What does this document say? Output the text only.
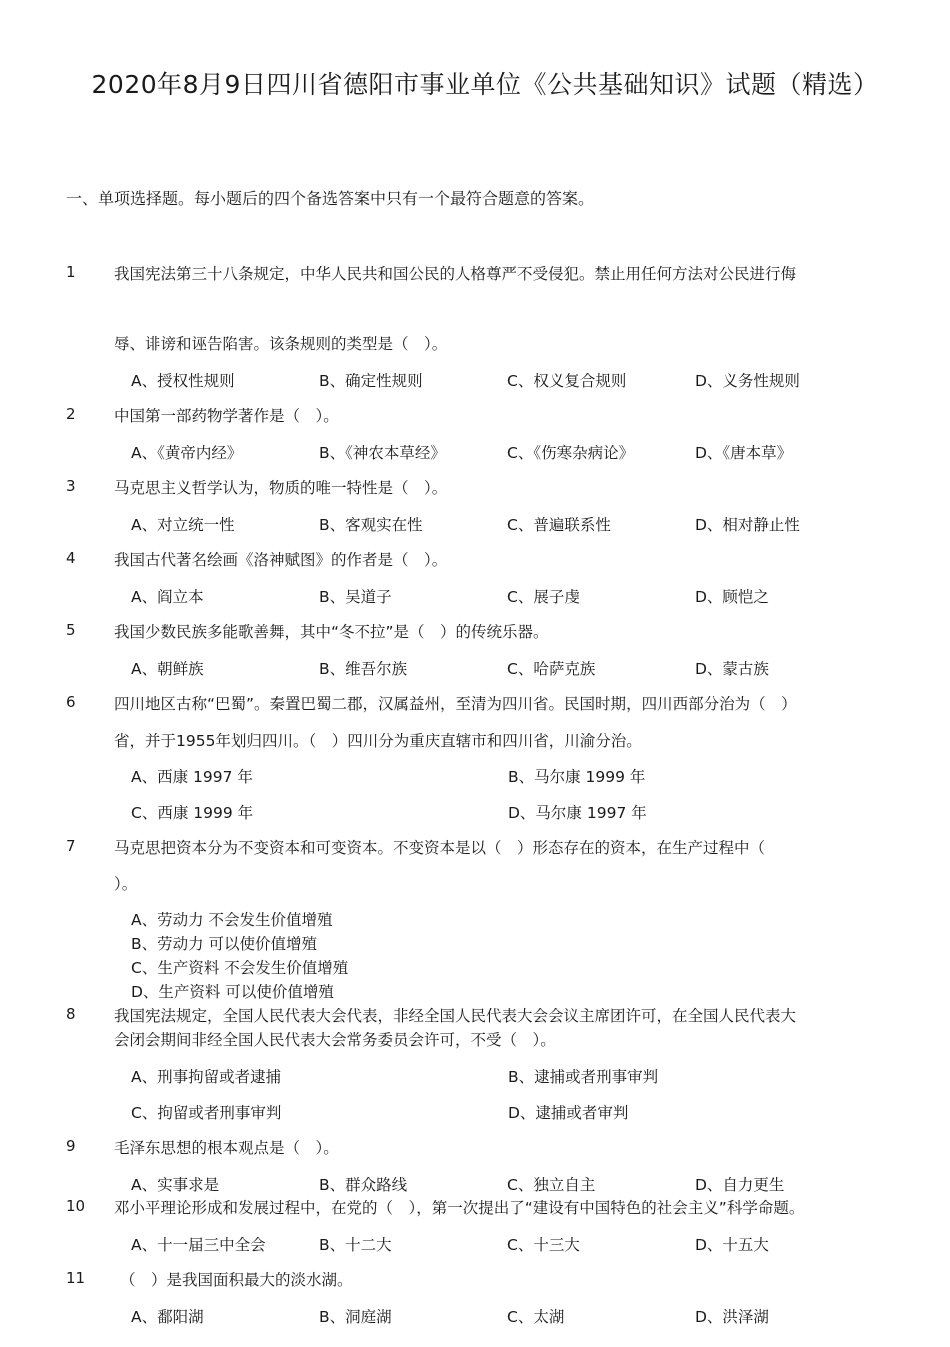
2020年8月9日四川省德阳市事业单位《公共基础知识》试题（精选）
一、单项选择题。每小题后的四个备选答案中只有一个最符合题意的答案。
1 我国宪法第三十八条规定，中华人民共和国公民的人格尊严不受侵犯。禁止用任何方法对公民进行侮
辱、诽谤和诬告陷害。该条规则的类型是（　）。
A、授权性规则	B、确定性规则	C、权义复合规则	D、义务性规则
2 中国第一部药物学著作是（　）。
A、《黄帝内经》	B、《神农本草经》	C、《伤寒杂病论》	D、《唐本草》
3 马克思主义哲学认为，物质的唯一特性是（　）。
A、对立统一性	B、客观实在性	C、普遍联系性	D、相对静止性
4 我国古代著名绘画《洛神赋图》的作者是（　）。
A、阎立本	B、吴道子	C、展子虔	D、顾恺之
5 我国少数民族多能歌善舞，其中“冬不拉”是（　）的传统乐器。
A、朝鲜族	B、维吾尔族	C、哈萨克族	D、蒙古族
6 四川地区古称“巴蜀”。秦置巴蜀二郡，汉属益州，至清为四川省。民国时期，四川西部分治为（　）
省，并于1955年划归四川。（　）四川分为重庆直辖市和四川省，川渝分治。
A、西康 1997 年	B、马尔康 1999 年
C、西康 1999 年	D、马尔康 1997 年
7 马克思把资本分为不变资本和可变资本。不变资本是以（　）形态存在的资本，在生产过程中（
）。
A、劳动力 不会发生价值增殖
B、劳动力 可以使价值增殖
C、生产资料 不会发生价值增殖
D、生产资料 可以使价值增殖
8 我国宪法规定，全国人民代表大会代表，非经全国人民代表大会会议主席团许可，在全国人民代表大
会闭会期间非经全国人民代表大会常务委员会许可，不受（　）。
A、刑事拘留或者逮捕	B、逮捕或者刑事审判
C、拘留或者刑事审判	D、逮捕或者审判
9 毛泽东思想的根本观点是（　）。
A、实事求是	B、群众路线	C、独立自主	D、自力更生
10 邓小平理论形成和发展过程中，在党的（　），第一次提出了“建设有中国特色的社会主义”科学命题。
A、十一届三中全会	B、十二大	C、十三大	D、十五大
11 （　）是我国面积最大的淡水湖。
A、鄱阳湖	B、洞庭湖	C、太湖	D、洪泽湖
